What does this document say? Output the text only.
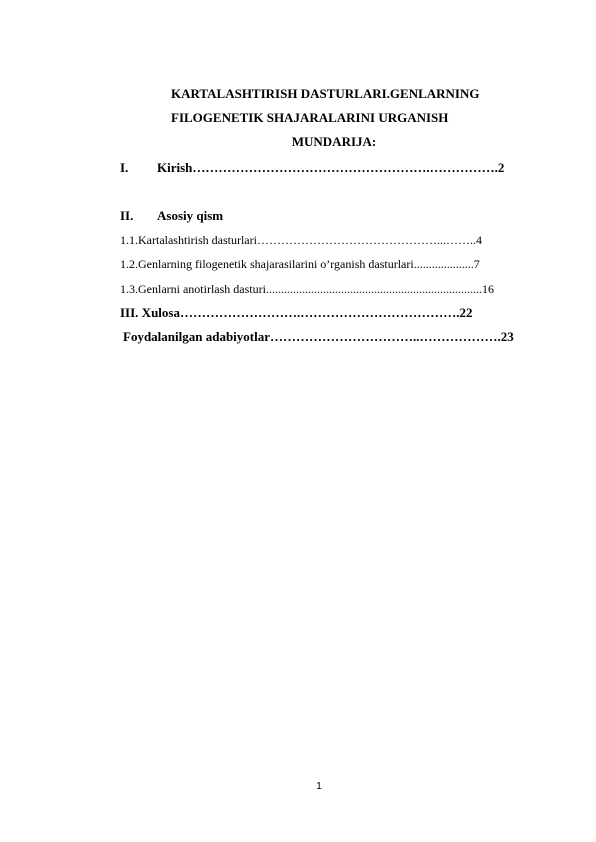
KARTALASHTIRISH DASTURLARI.GENLARNING

FILOGENETIK SHAJARALARINI URGANISH

MUNDARIJA:

I.	Kirish ……………………………………………….……………. 2
II.	Asosiy qism
1.1.Kartalashtirish dasturlari ………………………………………...…….. 4
1.2.Genlarning filogenetik shajarasilarini o’rganish dasturlari .................... 7
1.3.Genlarni anotirlash dasturi ........................................................................ 16
III. Xulosa ……………………….………………………………. 22
Foydalanilgan adabiyotlar ……………………………..………………. 23
1
